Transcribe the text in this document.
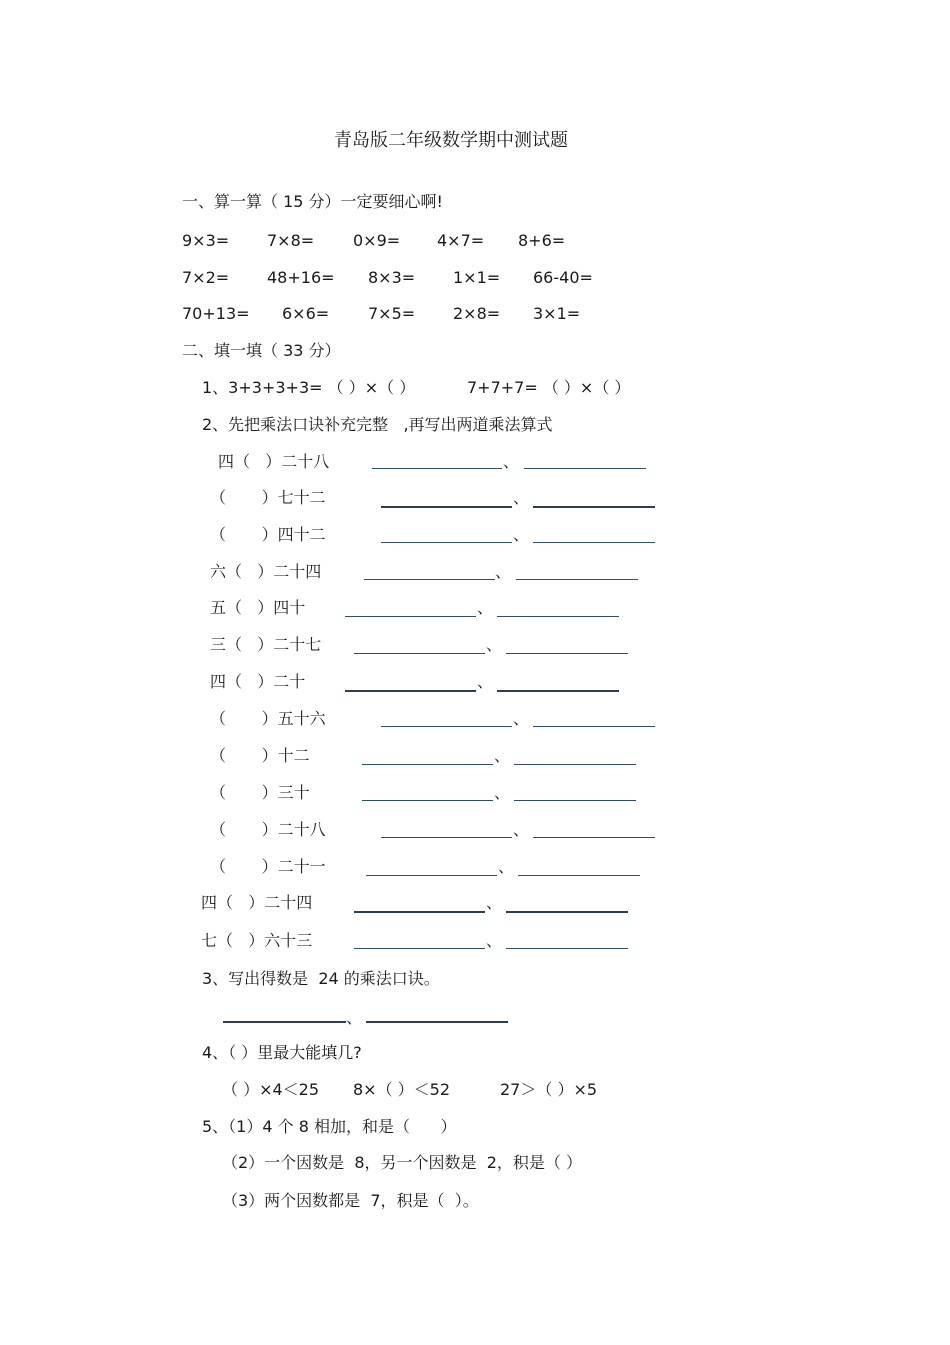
青岛版二年级数学期中测试题
一、算一算（ 15 分）一定要细心啊!
9×3= 7×8= 0×9= 4×7= 8+6=
7×2= 48+16= 8×3= 1×1= 66-40=
70+13= 6×6= 7×5= 2×8= 3×1=
二、填一填（ 33 分）
1、3+3+3+3= （ ）×（ ）	7+7+7= （ ）×（ ）
2、先把乘法口诀补充完整   ,再写出两道乘法算式
四（   ）二十八	、
（       ）七十二	、
（       ）四十二	、
六（   ）二十四	、
五（   ）四十	、
三（   ）二十七	、
四（   ）二十	、
（       ）五十六	、
（       ）十二	、
（       ）三十	、
（       ）二十八	、
（       ）二十一	、
四（   ）二十四	、
七（   ）六十三	、
3、写出得数是  24 的乘法口诀。
、
4、（ ）里最大能填几?
（ ）×4＜25 8×（ ）＜52	27＞（ ）×5
5、（1）4 个 8 相加，和是（      ）
（2）一个因数是  8，另一个因数是  2，积是（ ）
（3）两个因数都是  7，积是（  ）。
